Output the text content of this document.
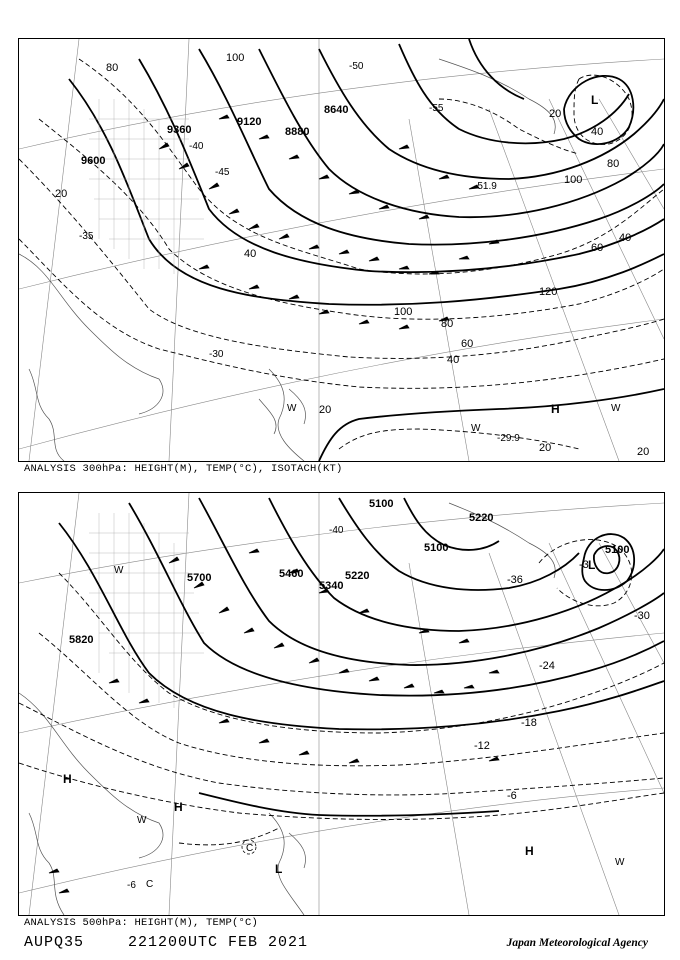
9600
9360
9120
8880
8640
80
100
40
20
40
60
80
100
120
40
60
80
100
20
40
20
20	20
-45
-40
-50
-55
-35
-30
-51.9
-29.9
L
H
W
W
W
ANALYSIS 300hPa: HEIGHT(M), TEMP(°C), ISOTACH(KT)
5700	5460
5340
5220
5100
5100	5100
5820
5220
-36
-30
-24
-18
-12
-6
-3
-40
-6
L
H
H
H
L
C
C
W
W
W
ANALYSIS 500hPa: HEIGHT(M), TEMP(°C)
AUPQ35	221200UTC FEB 2021	Japan Meteorological Agency
